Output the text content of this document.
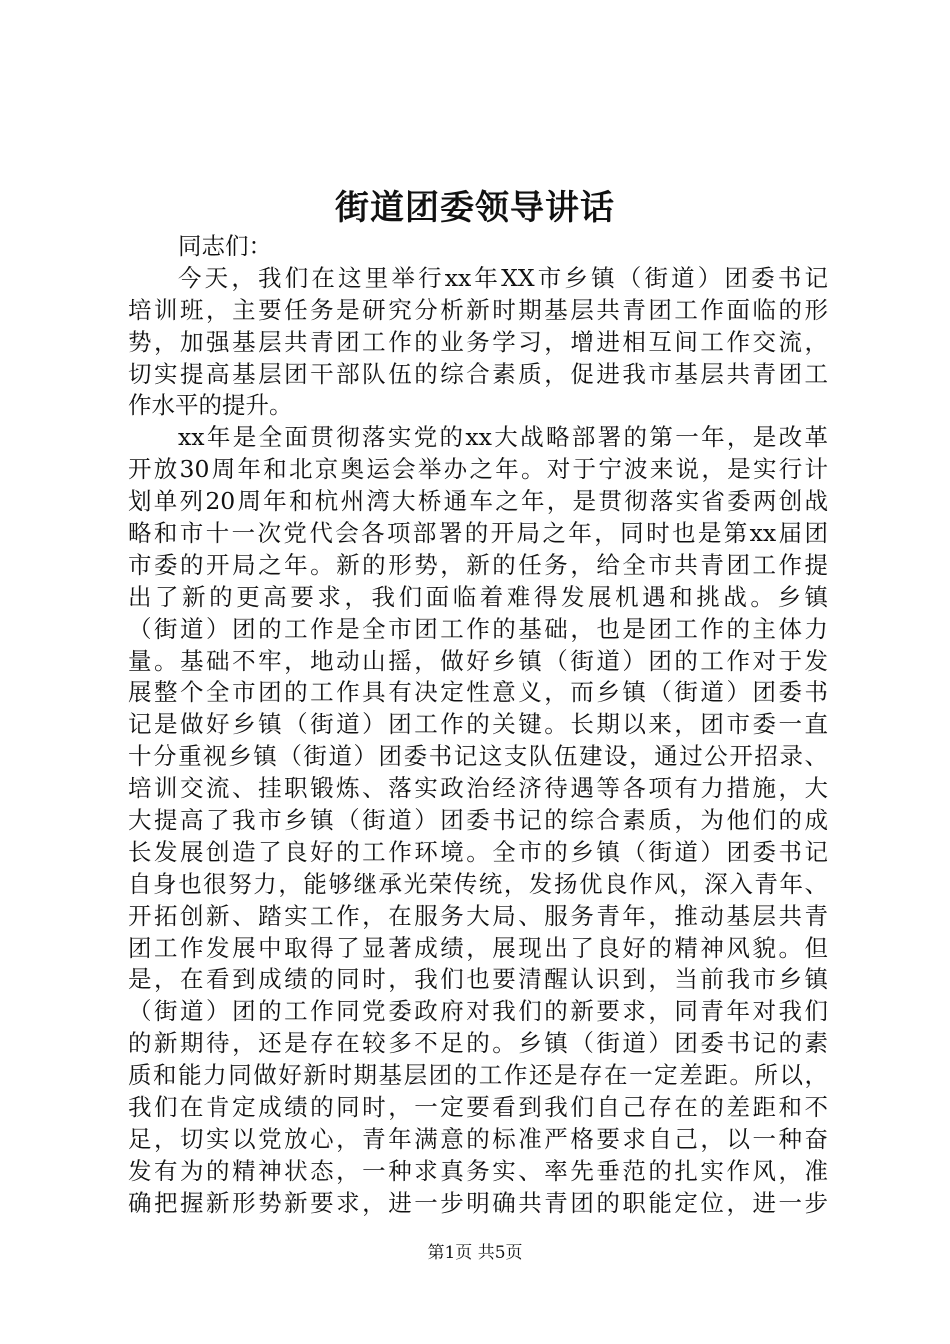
街道团委领导讲话
同志们：
今天，我们在这里举行xx年XX市乡镇（街道）团委书记
培训班，主要任务是研究分析新时期基层共青团工作面临的形
势，加强基层共青团工作的业务学习，增进相互间工作交流，
切实提高基层团干部队伍的综合素质，促进我市基层共青团工
作水平的提升。
xx年是全面贯彻落实党的xx大战略部署的第一年，是改革
开放30周年和北京奥运会举办之年。对于宁波来说，是实行计
划单列20周年和杭州湾大桥通车之年，是贯彻落实省委两创战
略和市十一次党代会各项部署的开局之年，同时也是第xx届团
市委的开局之年。新的形势，新的任务，给全市共青团工作提
出了新的更高要求，我们面临着难得发展机遇和挑战。乡镇
（街道）团的工作是全市团工作的基础，也是团工作的主体力
量。基础不牢，地动山摇，做好乡镇（街道）团的工作对于发
展整个全市团的工作具有决定性意义，而乡镇（街道）团委书
记是做好乡镇（街道）团工作的关键。长期以来，团市委一直
十分重视乡镇（街道）团委书记这支队伍建设，通过公开招录、
培训交流、挂职锻炼、落实政治经济待遇等各项有力措施，大
大提高了我市乡镇（街道）团委书记的综合素质，为他们的成
长发展创造了良好的工作环境。全市的乡镇（街道）团委书记
自身也很努力，能够继承光荣传统，发扬优良作风，深入青年、
开拓创新、踏实工作，在服务大局、服务青年，推动基层共青
团工作发展中取得了显著成绩，展现出了良好的精神风貌。但
是，在看到成绩的同时，我们也要清醒认识到，当前我市乡镇
（街道）团的工作同党委政府对我们的新要求，同青年对我们
的新期待，还是存在较多不足的。乡镇（街道）团委书记的素
质和能力同做好新时期基层团的工作还是存在一定差距。所以，
我们在肯定成绩的同时，一定要看到我们自己存在的差距和不
足，切实以党放心，青年满意的标准严格要求自己，以一种奋
发有为的精神状态，一种求真务实、率先垂范的扎实作风，准
确把握新形势新要求，进一步明确共青团的职能定位，进一步
第1页 共5页
